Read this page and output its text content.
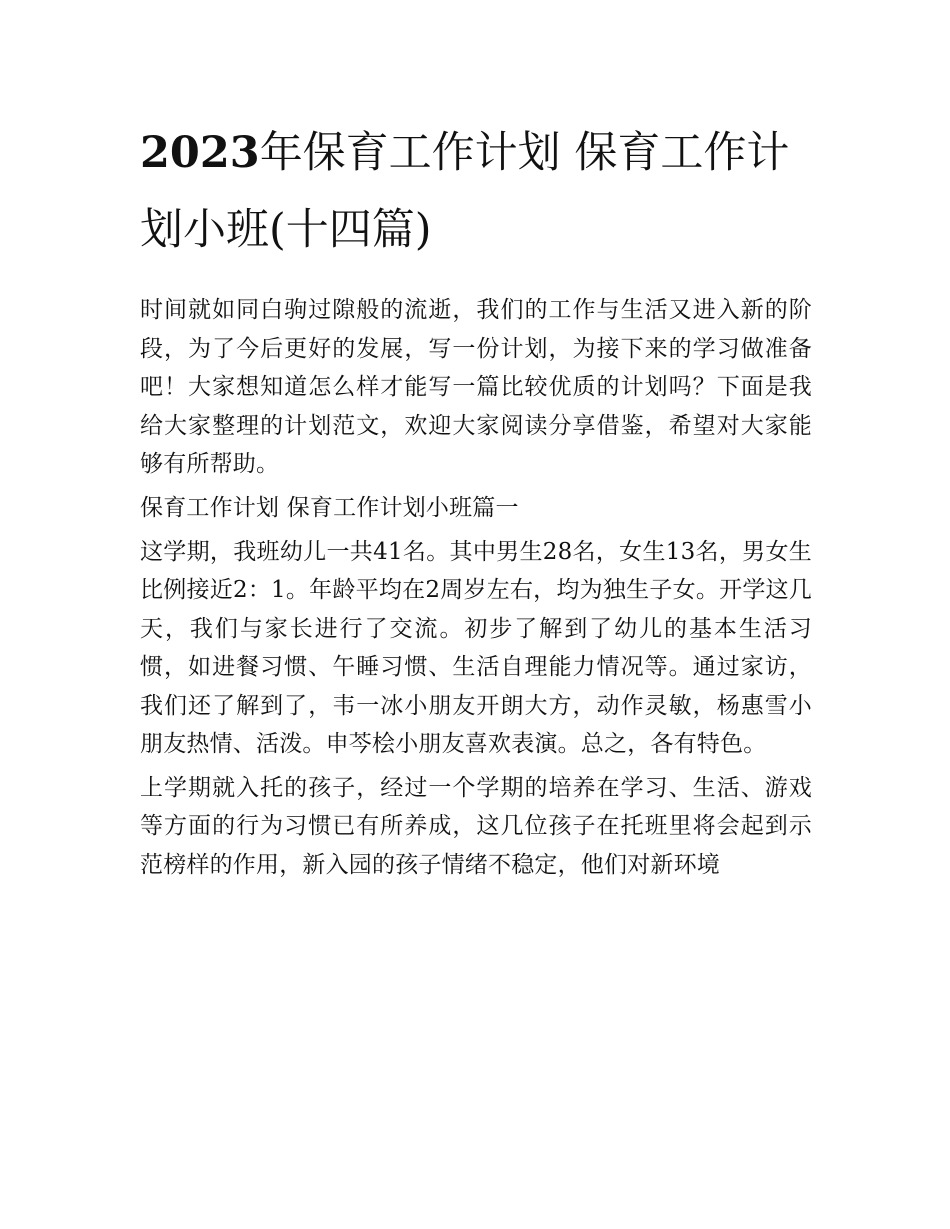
2023年保育工作计划 保育工作计划小班(十四篇)

时间就如同白驹过隙般的流逝，我们的工作与生活又进入新的阶段，为了今后更好的发展，写一份计划，为接下来的学习做准备吧！大家想知道怎么样才能写一篇比较优质的计划吗？下面是我给大家整理的计划范文，欢迎大家阅读分享借鉴，希望对大家能够有所帮助。

保育工作计划 保育工作计划小班篇一

这学期，我班幼儿一共41名。其中男生28名，女生13名，男女生比例接近2：1。年龄平均在2周岁左右，均为独生子女。开学这几天，我们与家长进行了交流。初步了解到了幼儿的基本生活习惯，如进餐习惯、午睡习惯、生活自理能力情况等。通过家访，我们还了解到了，韦一冰小朋友开朗大方，动作灵敏，杨惠雪小朋友热情、活泼。申芩桧小朋友喜欢表演。总之，各有特色。

上学期就入托的孩子，经过一个学期的培养在学习、生活、游戏等方面的行为习惯已有所养成，这几位孩子在托班里将会起到示范榜样的作用，新入园的孩子情绪不稳定，他们对新环境
